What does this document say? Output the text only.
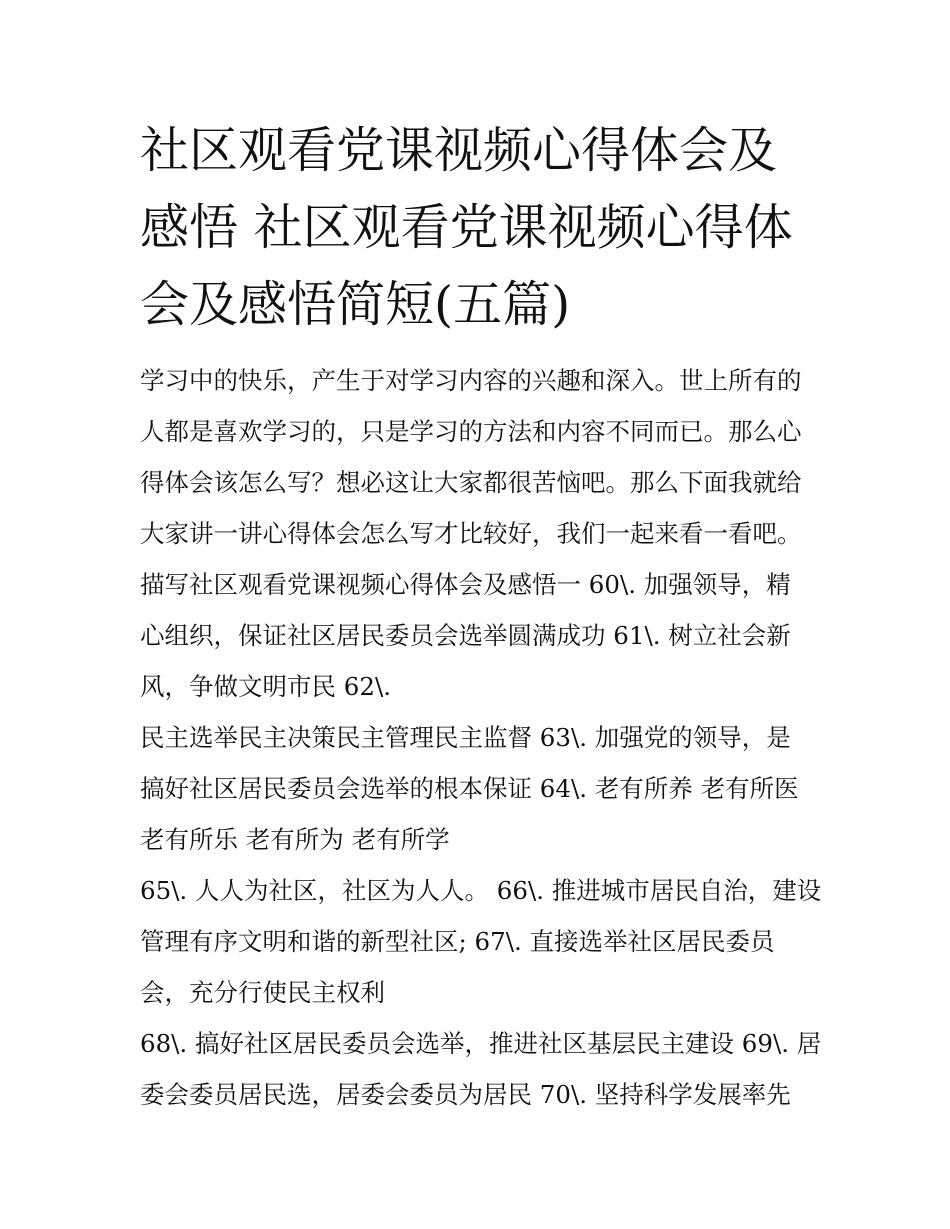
社区观看党课视频心得体会及
感悟 社区观看党课视频心得体
会及感悟简短(五篇)
学习中的快乐，产生于对学习内容的兴趣和深入。世上所有的
人都是喜欢学习的，只是学习的方法和内容不同而已。那么心
得体会该怎么写？想必这让大家都很苦恼吧。那么下面我就给
大家讲一讲心得体会怎么写才比较好，我们一起来看一看吧。
描写社区观看党课视频心得体会及感悟一 60\. 加强领导，精
心组织，保证社区居民委员会选举圆满成功 61\. 树立社会新
风，争做文明市民 62\.
民主选举民主决策民主管理民主监督 63\. 加强党的领导，是
搞好社区居民委员会选举的根本保证 64\. 老有所养 老有所医
老有所乐 老有所为 老有所学
65\. 人人为社区，社区为人人。 66\. 推进城市居民自治，建设
管理有序文明和谐的新型社区; 67\. 直接选举社区居民委员
会，充分行使民主权利
68\. 搞好社区居民委员会选举，推进社区基层民主建设 69\. 居
委会委员居民选，居委会委员为居民 70\. 坚持科学发展率先
